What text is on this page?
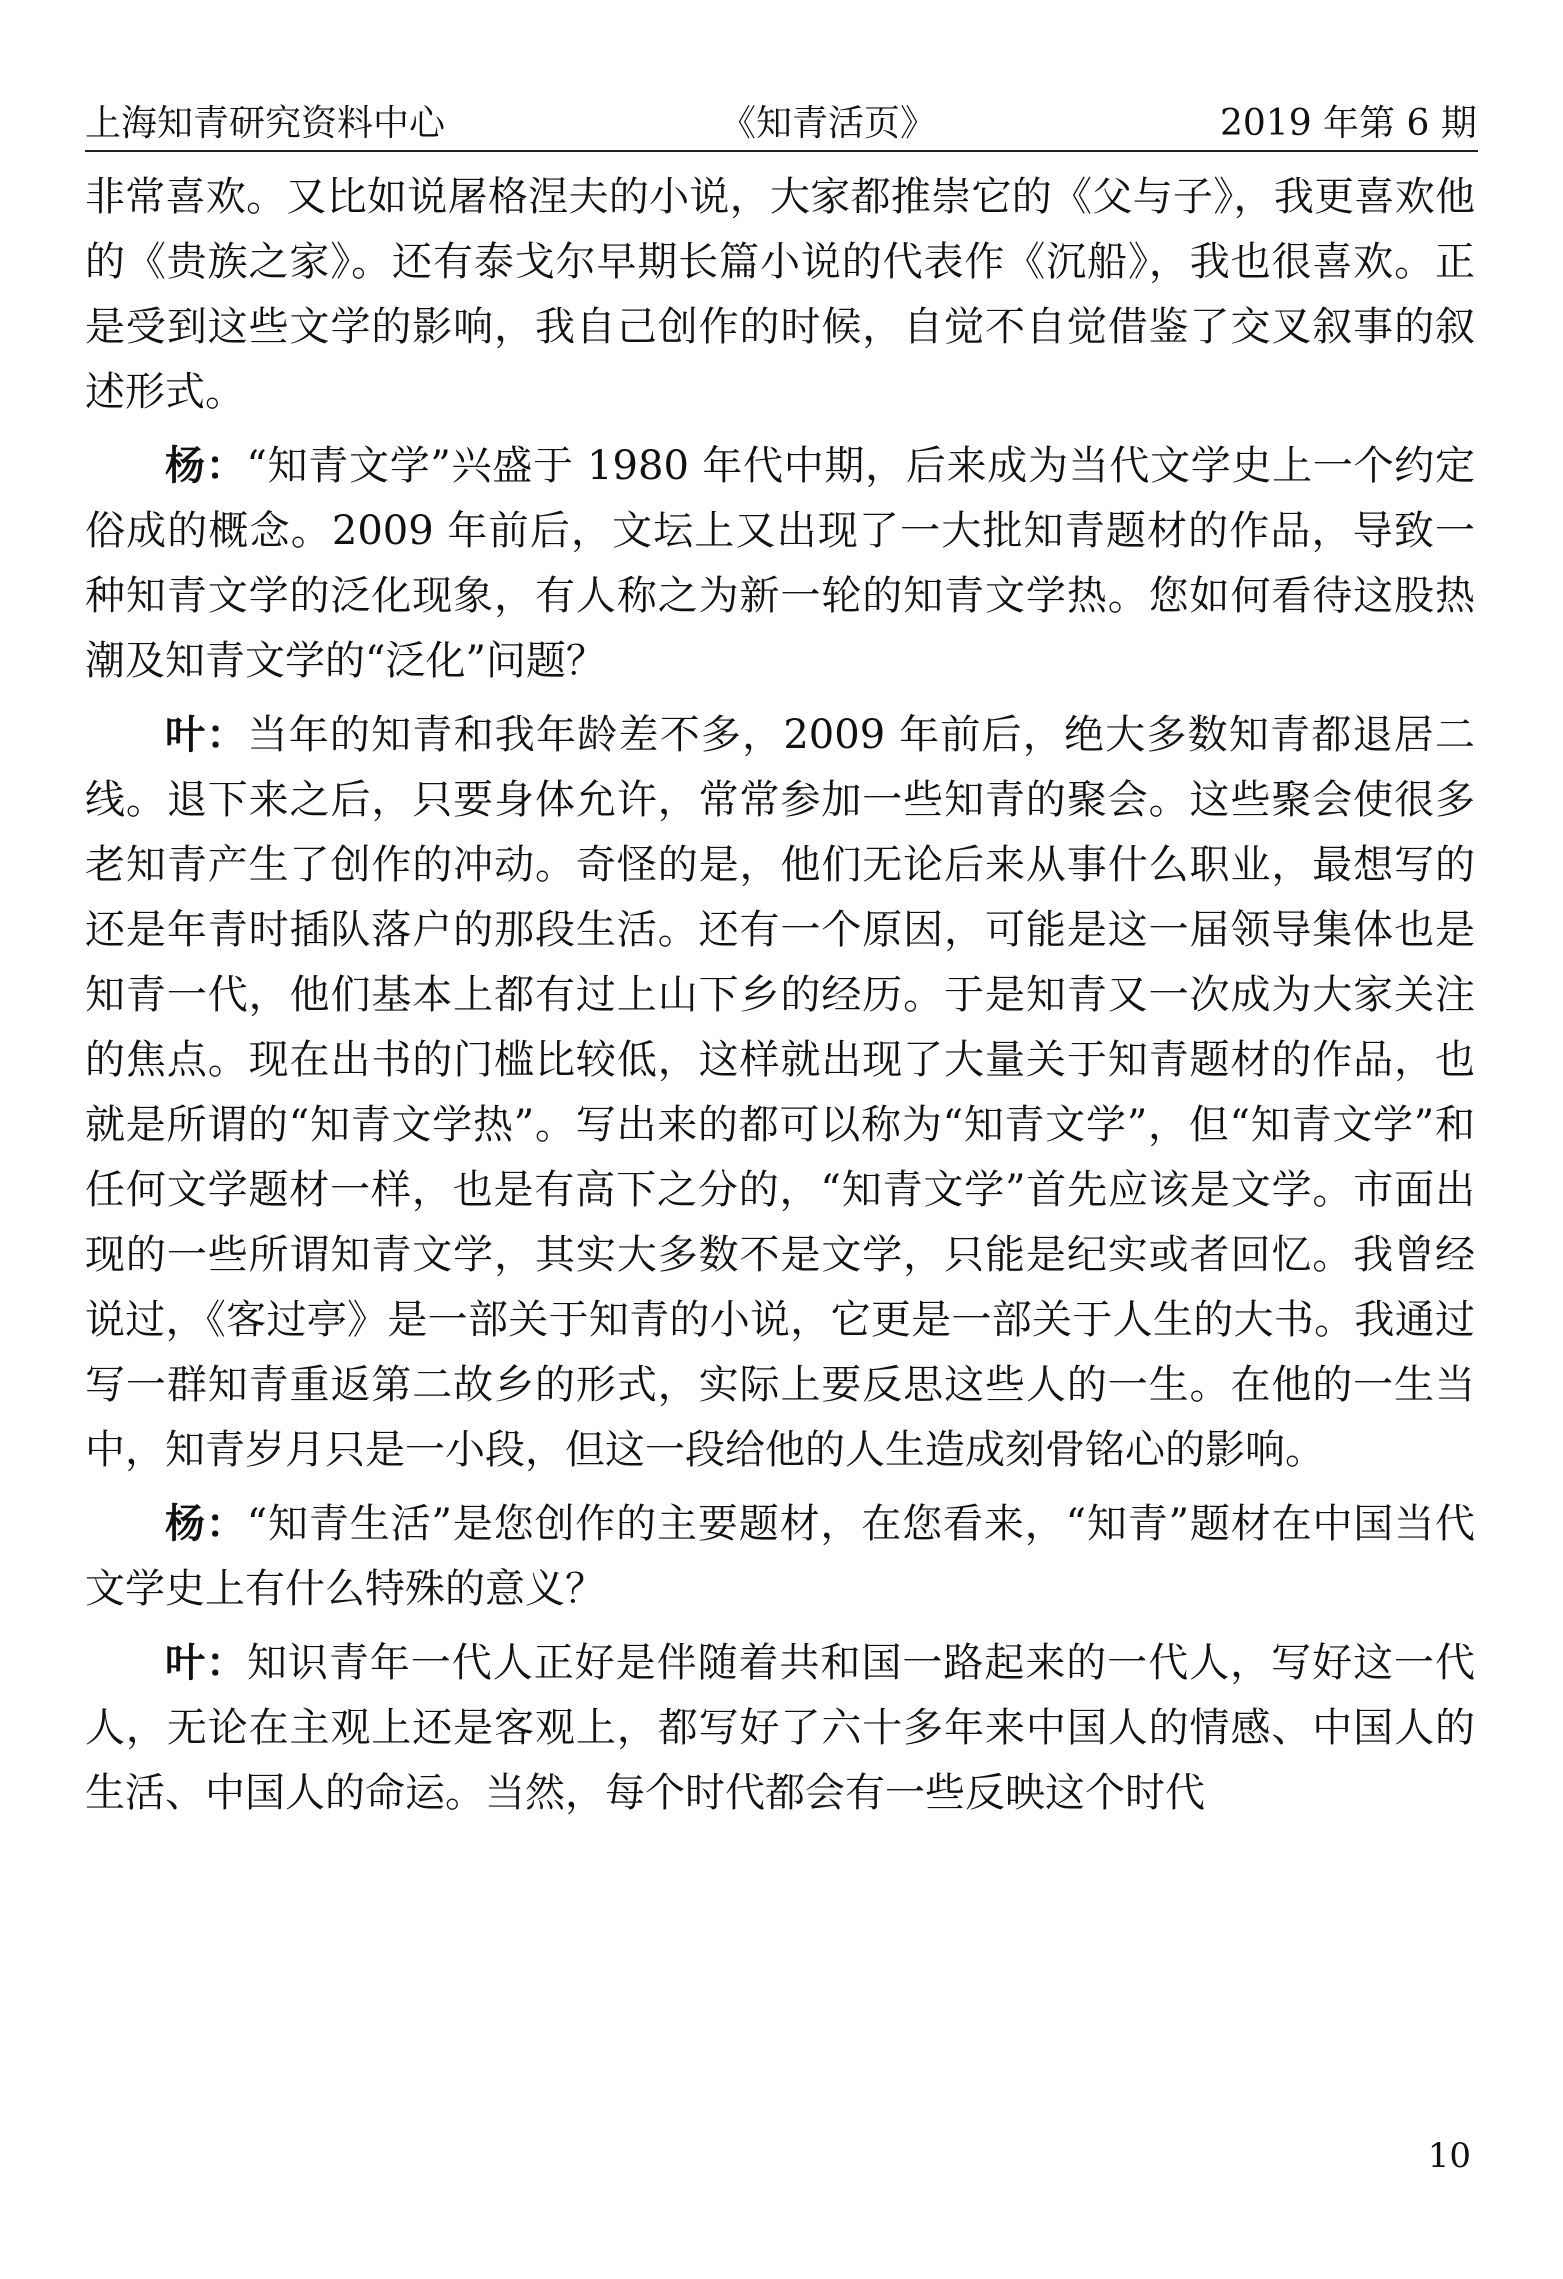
上海知青研究资料中心	《知青活页》	2019 年第 6 期

非常喜欢。又比如说屠格涅夫的小说，大家都推崇它的《父与子》，我更喜欢他的《贵族之家》。还有泰戈尔早期长篇小说的代表作《沉船》，我也很喜欢。正是受到这些文学的影响，我自己创作的时候，自觉不自觉借鉴了交叉叙事的叙述形式。

杨：“知青文学”兴盛于 1980 年代中期，后来成为当代文学史上一个约定俗成的概念。2009 年前后，文坛上又出现了一大批知青题材的作品，导致一种知青文学的泛化现象，有人称之为新一轮的知青文学热。您如何看待这股热潮及知青文学的“泛化”问题？

叶：当年的知青和我年龄差不多，2009 年前后，绝大多数知青都退居二线。退下来之后，只要身体允许，常常参加一些知青的聚会。这些聚会使很多老知青产生了创作的冲动。奇怪的是，他们无论后来从事什么职业，最想写的还是年青时插队落户的那段生活。还有一个原因，可能是这一届领导集体也是知青一代，他们基本上都有过上山下乡的经历。于是知青又一次成为大家关注的焦点。现在出书的门槛比较低，这样就出现了大量关于知青题材的作品，也就是所谓的“知青文学热”。写出来的都可以称为“知青文学”，但“知青文学”和任何文学题材一样，也是有高下之分的，“知青文学”首先应该是文学。市面出现的一些所谓知青文学，其实大多数不是文学，只能是纪实或者回忆。我曾经说过，《客过亭》是一部关于知青的小说，它更是一部关于人生的大书。我通过写一群知青重返第二故乡的形式，实际上要反思这些人的一生。在他的一生当中，知青岁月只是一小段，但这一段给他的人生造成刻骨铭心的影响。

杨：“知青生活”是您创作的主要题材，在您看来，“知青”题材在中国当代文学史上有什么特殊的意义？

叶：知识青年一代人正好是伴随着共和国一路起来的一代人，写好这一代人，无论在主观上还是客观上，都写好了六十多年来中国人的情感、中国人的生活、中国人的命运。当然，每个时代都会有一些反映这个时代

10
